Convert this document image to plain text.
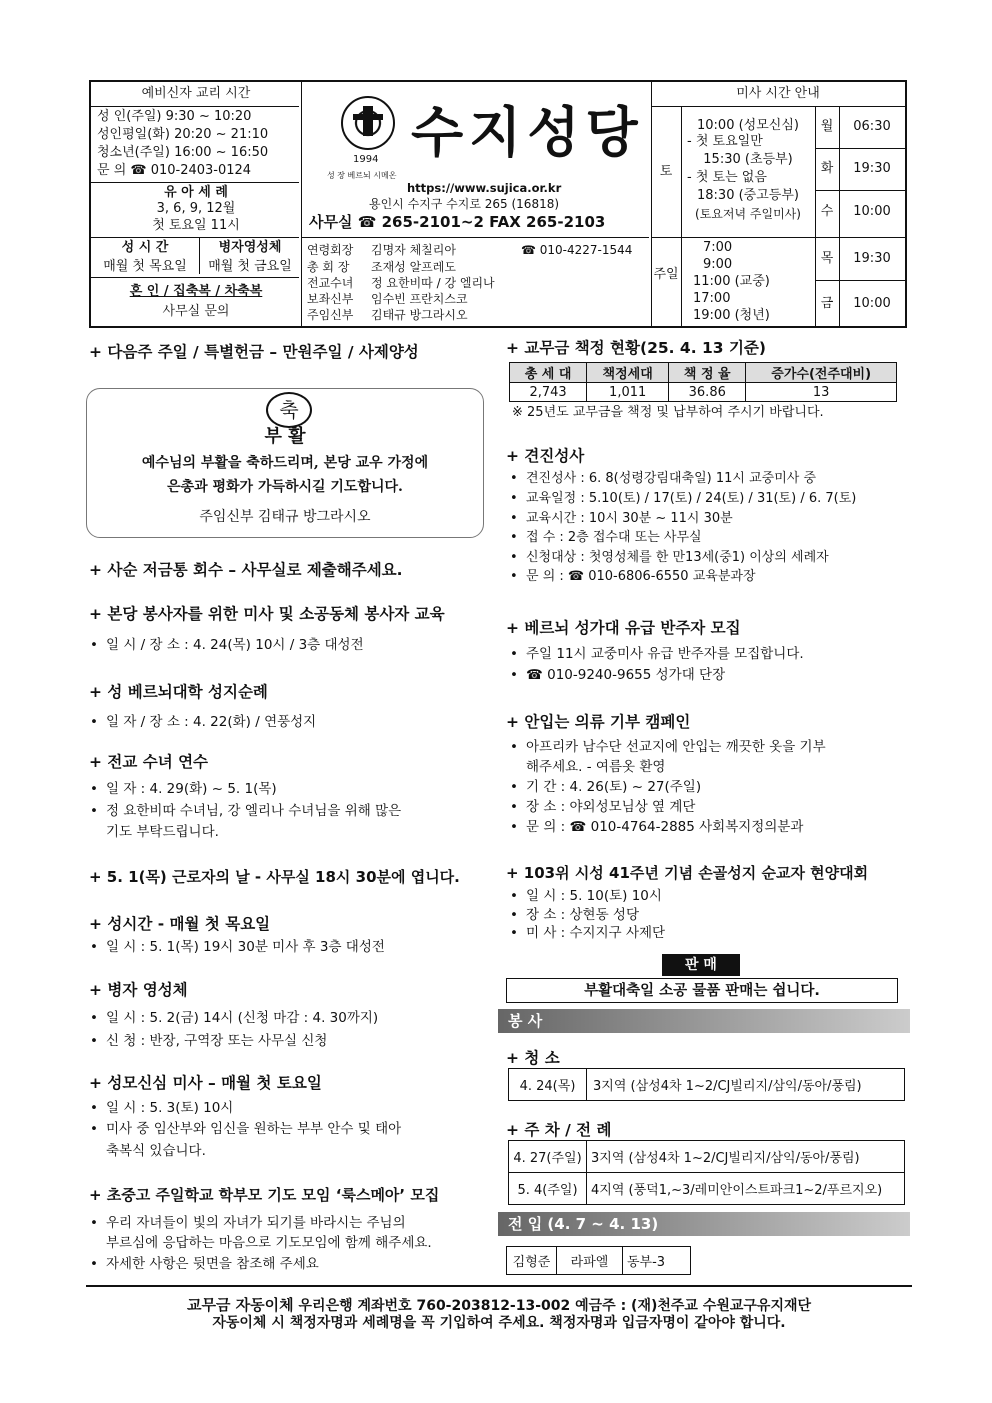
예비신자 교리 시간
성 인(주일) 9:30 ~ 10:20
성인평일(화) 20:20 ~ 21:10
청소년(주일) 16:00 ~ 16:50
문 의 ☎ 010-2403-0124
유 아 세 례
3, 6, 9, 12월
첫 토요일 11시
성 시 간
매월 첫 목요일
병자영성체
매월 첫 금요일
혼 인 / 집축복 / 차축복
사무실 문의
1994
성 장 베르뇌 시메온
수지성당
https://www.sujica.or.kr
용인시 수지구 수지로 265 (16818)
사무실 ☎ 265-2101~2 FAX 265-2103
연령회장 김명자 체칠리아	☎ 010-4227-1544
총 회 장 조재성 알프레도
전교수녀 정 요한비따 / 강 엘리나
보좌신부 임수빈 프란치스코
주임신부 김태규 방그라시오
미사 시간 안내
토
10:00 (성모신심)
- 첫 토요일만
15:30 (초등부)
- 첫 토는 없음
18:30 (중고등부)
(토요저녁 주일미사)
주일
7:00
9:00
11:00 (교중)
17:00
19:00 (청년)
월	06:30
화	19:30
수	10:00
목	19:30
금	10:00
+ 다음주 주일 / 특별헌금 – 만원주일 / 사제양성
축
부 활
예수님의 부활을 축하드리며, 본당 교우 가정에
은총과 평화가 가득하시길 기도합니다.
주임신부 김태규 방그라시오
+ 사순 저금통 회수 – 사무실로 제출해주세요.
+ 본당 봉사자를 위한 미사 및 소공동체 봉사자 교육
• 일 시 / 장 소 : 4. 24(목) 10시 / 3층 대성전
+ 성 베르뇌대학 성지순례
• 일 자 / 장 소 : 4. 22(화) / 연풍성지
+ 전교 수녀 연수
• 일 자 : 4. 29(화) ~ 5. 1(목)
• 정 요한비따 수녀님, 강 엘리나 수녀님을 위해 많은
기도 부탁드립니다.
+ 5. 1(목) 근로자의 날 - 사무실 18시 30분에 엽니다.
+ 성시간 - 매월 첫 목요일
• 일 시 : 5. 1(목) 19시 30분 미사 후 3층 대성전
+ 병자 영성체
• 일 시 : 5. 2(금) 14시 (신청 마감 : 4. 30까지)
• 신 청 : 반장, 구역장 또는 사무실 신청
+ 성모신심 미사 – 매월 첫 토요일
• 일 시 : 5. 3(토) 10시
• 미사 중 임산부와 임신을 원하는 부부 안수 및 태아
축복식 있습니다.
+ 초중고 주일학교 학부모 기도 모임 ‘룩스메아’ 모집
• 우리 자녀들이 빛의 자녀가 되기를 바라시는 주님의
부르심에 응답하는 마음으로 기도모임에 함께 해주세요.
• 자세한 사항은 뒷면을 참조해 주세요
+ 교무금 책정 현황(25. 4. 13 기준)
총 세 대	책정세대	책 정 율	증가수(전주대비)
2,743	1,011	36.86	13
※ 25년도 교무금을 책정 및 납부하여 주시기 바랍니다.
+ 견진성사
• 견진성사 : 6. 8(성령강림대축일) 11시 교중미사 중
• 교육일정 : 5.10(토) / 17(토) / 24(토) / 31(토) / 6. 7(토)
• 교육시간 : 10시 30분 ~ 11시 30분
• 접 수 : 2층 접수대 또는 사무실
• 신청대상 : 첫영성체를 한 만13세(중1) 이상의 세례자
• 문 의 : ☎ 010-6806-6550 교육분과장
+ 베르뇌 성가대 유급 반주자 모집
• 주일 11시 교중미사 유급 반주자를 모집합니다.
• ☎ 010-9240-9655 성가대 단장
+ 안입는 의류 기부 캠페인
• 아프리카 남수단 선교지에 안입는 깨끗한 옷을 기부
해주세요. - 여름옷 환영
• 기 간 : 4. 26(토) ~ 27(주일)
• 장 소 : 야외성모님상 옆 계단
• 문 의 : ☎ 010-4764-2885 사회복지정의분과
+ 103위 시성 41주년 기념 손골성지 순교자 현양대회
• 일 시 : 5. 10(토) 10시
• 장 소 : 상현동 성당
• 미 사 : 수지지구 사제단
판 매
부활대축일 소공 물품 판매는 쉽니다.
봉 사
+ 청 소
4. 24(목)	3지역 (삼성4차 1~2/CJ빌리지/삼익/동아/풍림)
+ 주 차 / 전 례
4. 27(주일)	3지역 (삼성4차 1~2/CJ빌리지/삼익/동아/풍림)
5. 4(주일)	4지역 (풍덕1,~3/레미안이스트파크1~2/푸르지오)
전 입 (4. 7 ~ 4. 13)
김형준	라파엘	동부-3
교무금 자동이체 우리은행 계좌번호 760-203812-13-002 예금주 : (재)천주교 수원교구유지재단
자동이체 시 책정자명과 세례명을 꼭 기입하여 주세요. 책정자명과 입금자명이 같아야 합니다.
